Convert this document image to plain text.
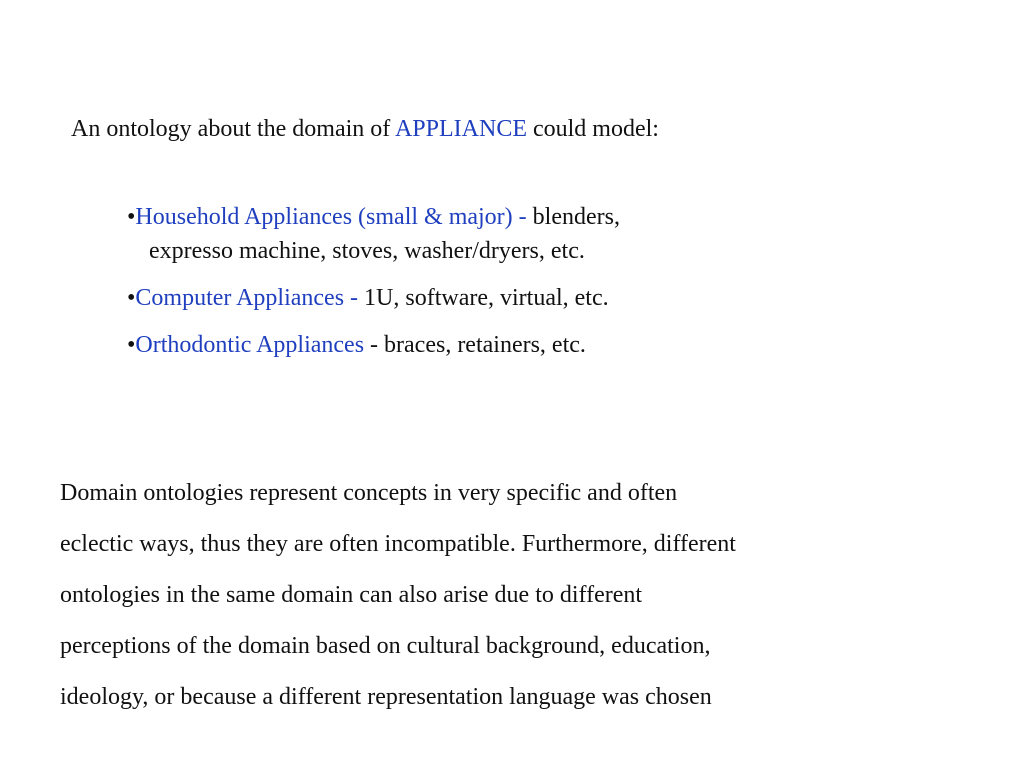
An ontology about the domain of APPLIANCE could model:

•Household Appliances (small & major) - blenders,
expresso machine, stoves, washer/dryers, etc.

•Computer Appliances - 1U, software, virtual, etc.

•Orthodontic Appliances - braces, retainers, etc.

Domain ontologies represent concepts in very specific and often
eclectic ways, thus they are often incompatible. Furthermore, different
ontologies in the same domain can also arise due to different
perceptions of the domain based on cultural background, education,
ideology, or because a different representation language was chosen
